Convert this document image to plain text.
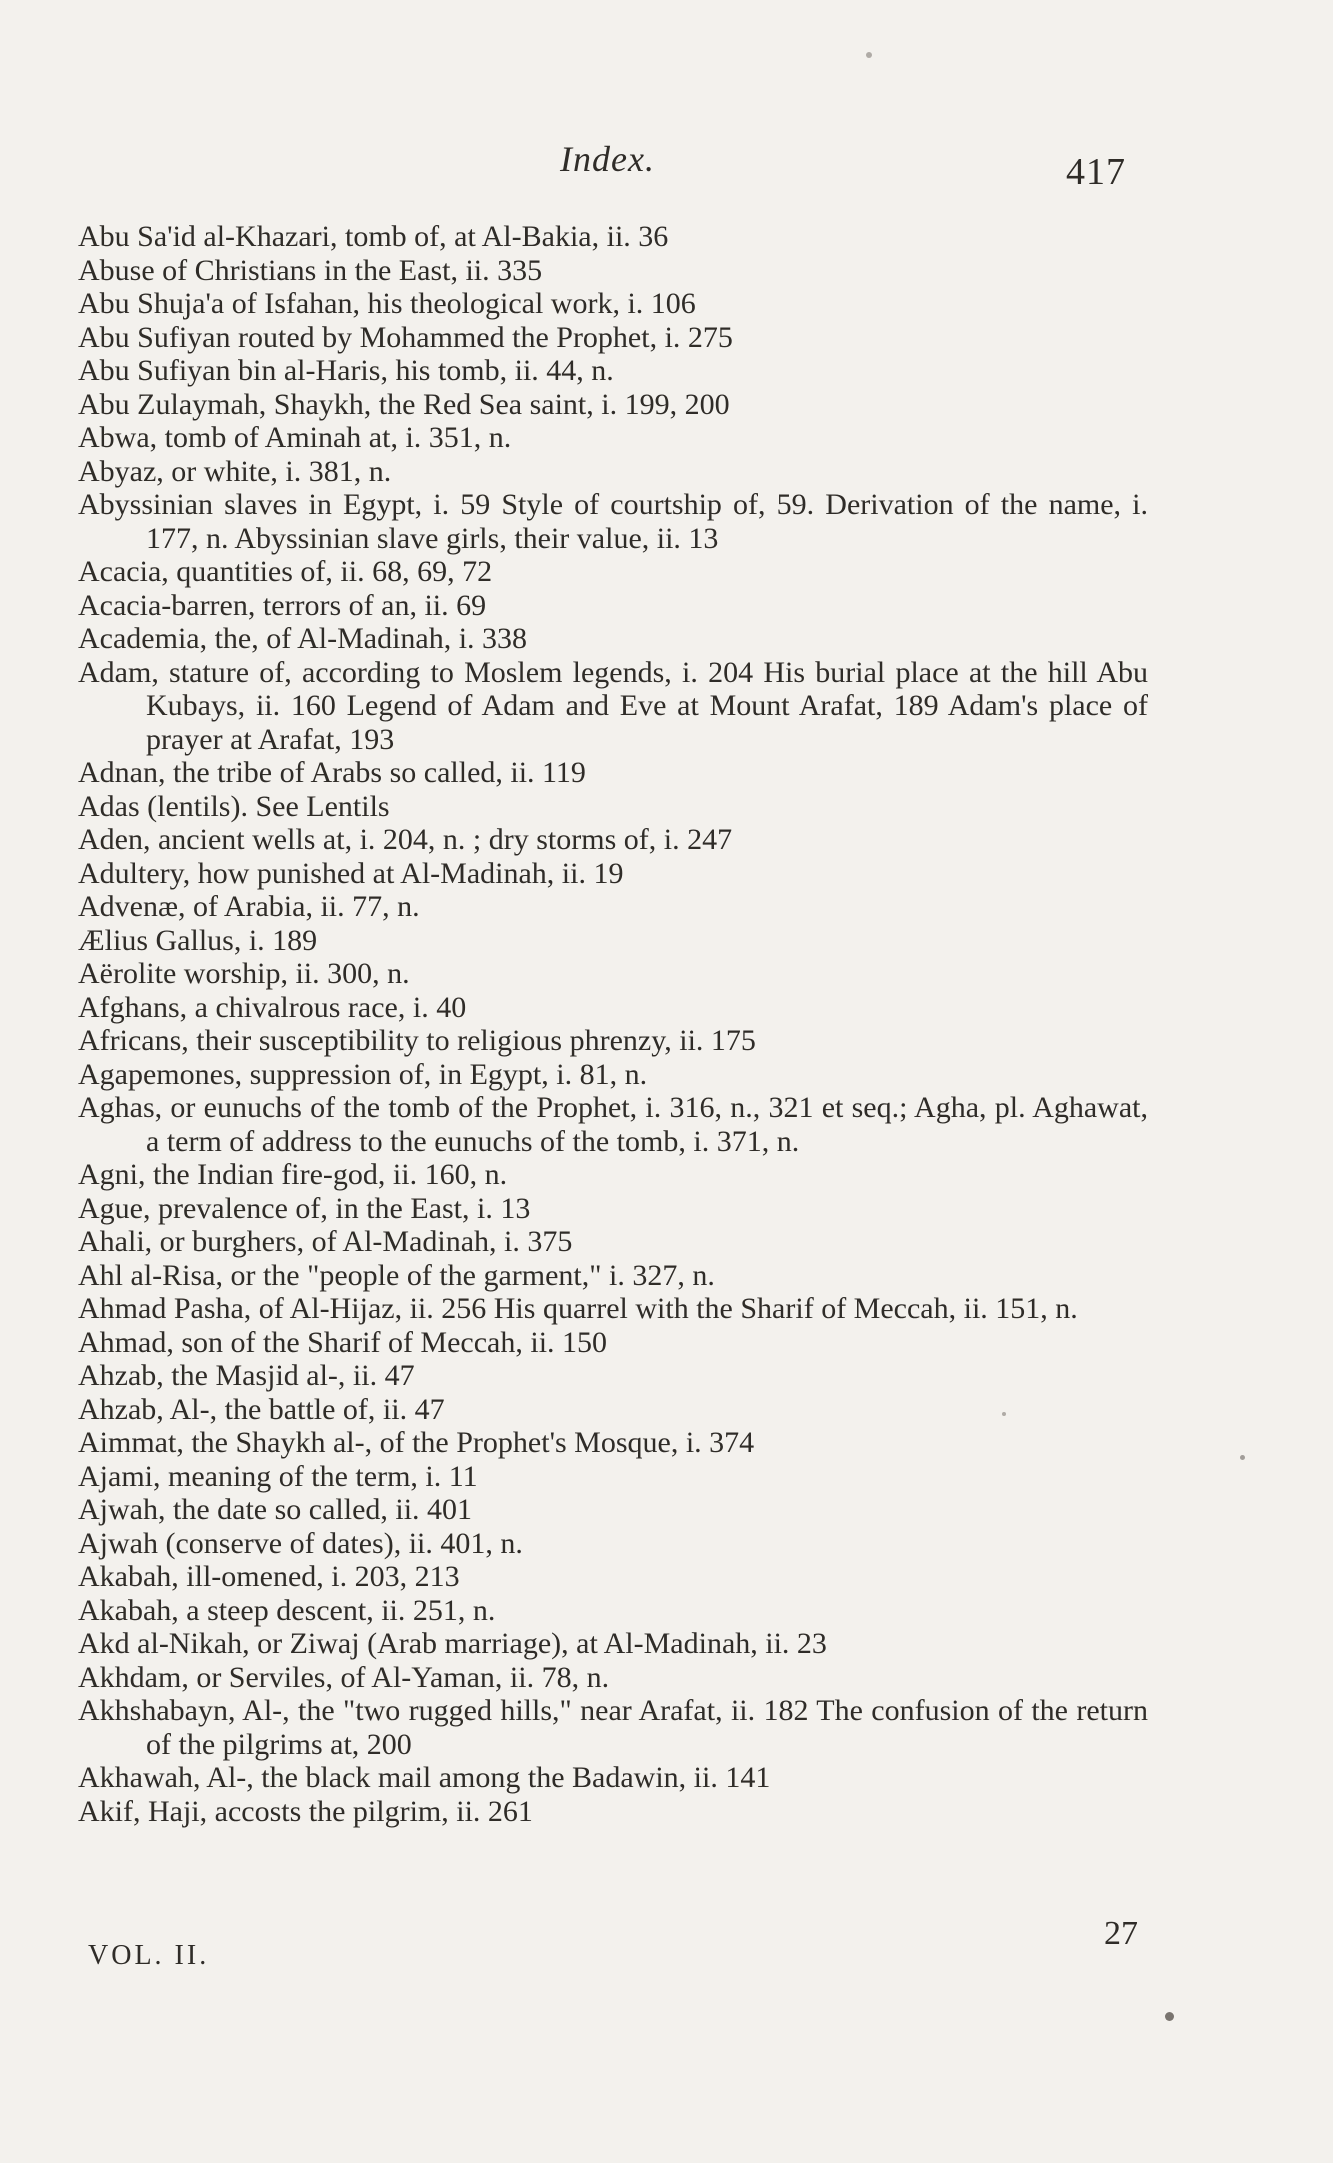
Index.	417

Abu Sa'id al-Khazari, tomb of, at Al-Bakia, ii. 36

Abuse of Christians in the East, ii. 335

Abu Shuja'a of Isfahan, his theological work, i. 106

Abu Sufiyan routed by Mohammed the Prophet, i. 275

Abu Sufiyan bin al-Haris, his tomb, ii. 44, n.

Abu Zulaymah, Shaykh, the Red Sea saint, i. 199, 200

Abwa, tomb of Aminah at, i. 351, n.

Abyaz, or white, i. 381, n.

Abyssinian slaves in Egypt, i. 59 Style of courtship of, 59. Derivation of the name, i. 177, n. Abyssinian slave girls, their value, ii. 13

Acacia, quantities of, ii. 68, 69, 72

Acacia-barren, terrors of an, ii. 69

Academia, the, of Al-Madinah, i. 338

Adam, stature of, according to Moslem legends, i. 204 His burial place at the hill Abu Kubays, ii. 160 Legend of Adam and Eve at Mount Arafat, 189 Adam's place of prayer at Arafat, 193

Adnan, the tribe of Arabs so called, ii. 119

Adas (lentils). See Lentils

Aden, ancient wells at, i. 204, n. ; dry storms of, i. 247

Adultery, how punished at Al-Madinah, ii. 19

Advenæ, of Arabia, ii. 77, n.

Ælius Gallus, i. 189

Aërolite worship, ii. 300, n.

Afghans, a chivalrous race, i. 40

Africans, their susceptibility to religious phrenzy, ii. 175

Agapemones, suppression of, in Egypt, i. 81, n.

Aghas, or eunuchs of the tomb of the Prophet, i. 316, n., 321 et seq.; Agha, pl. Aghawat, a term of address to the eunuchs of the tomb, i. 371, n.

Agni, the Indian fire-god, ii. 160, n.

Ague, prevalence of, in the East, i. 13

Ahali, or burghers, of Al-Madinah, i. 375

Ahl al-Risa, or the "people of the garment," i. 327, n.

Ahmad Pasha, of Al-Hijaz, ii. 256 His quarrel with the Sharif of Meccah, ii. 151, n.

Ahmad, son of the Sharif of Meccah, ii. 150

Ahzab, the Masjid al-, ii. 47

Ahzab, Al-, the battle of, ii. 47

Aimmat, the Shaykh al-, of the Prophet's Mosque, i. 374

Ajami, meaning of the term, i. 11

Ajwah, the date so called, ii. 401

Ajwah (conserve of dates), ii. 401, n.

Akabah, ill-omened, i. 203, 213

Akabah, a steep descent, ii. 251, n.

Akd al-Nikah, or Ziwaj (Arab marriage), at Al-Madinah, ii. 23

Akhdam, or Serviles, of Al-Yaman, ii. 78, n.

Akhshabayn, Al-, the "two rugged hills," near Arafat, ii. 182 The confusion of the return of the pilgrims at, 200

Akhawah, Al-, the black mail among the Badawin, ii. 141

Akif, Haji, accosts the pilgrim, ii. 261

VOL. II.
27
